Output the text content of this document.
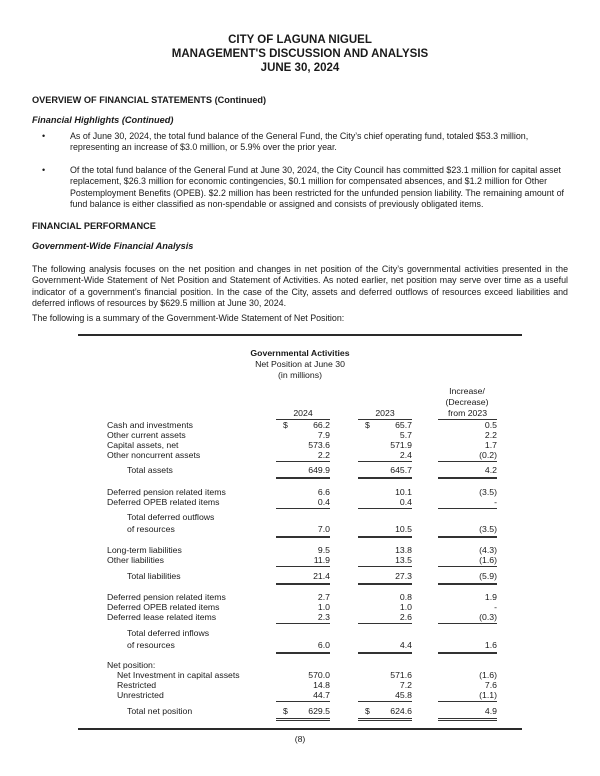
CITY OF LAGUNA NIGUEL
MANAGEMENT'S DISCUSSION AND ANALYSIS
JUNE 30, 2024
OVERVIEW OF FINANCIAL STATEMENTS (Continued)
Financial Highlights (Continued)
•	As of June 30, 2024, the total fund balance of the General Fund, the City’s chief operating fund, totaled $53.3 million, representing an increase of $3.0 million, or 5.9% over the prior year.
•	Of the total fund balance of the General Fund at June 30, 2024, the City Council has committed $23.1 million for capital asset replacement, $26.3 million for economic contingencies, $0.1 million for compensated absences, and $1.2 million for Other Postemployment Benefits (OPEB). $2.2 million has been restricted for the unfunded pension liability. The remaining amount of fund balance is either classified as non-spendable or assigned and consists of previously obligated items.
FINANCIAL PERFORMANCE
Government-Wide Financial Analysis
The following analysis focuses on the net position and changes in net position of the City’s governmental activities presented in the Government-Wide Statement of Net Position and Statement of Activities. As noted earlier, net position may serve over time as a useful indicator of a government’s financial position. In the case of the City, assets and deferred outflows of resources exceed liabilities and deferred inflows of resources by $629.5 million at June 30, 2024.
The following is a summary of the Government-Wide Statement of Net Position:
Governmental Activities
Net Position at June 30
(in millions)
Increase/
(Decrease)
from 2023
2024	2023
Cash and investments	$	66.2	$	65.7	0.5
Other current assets	7.9	5.7	2.2
Capital assets, net	573.6	571.9	1.7
Other noncurrent assets	2.2	2.4	(0.2)
Total assets	649.9	645.7	4.2
Deferred pension related items	6.6	10.1	(3.5)
Deferred OPEB related items	0.4	0.4	-
Total deferred outflows
of resources	7.0	10.5	(3.5)
Long-term liabilities	9.5	13.8	(4.3)
Other liabilities	11.9	13.5	(1.6)
Total liabilities	21.4	27.3	(5.9)
Deferred pension related items	2.7	0.8	1.9
Deferred OPEB related items	1.0	1.0	-
Deferred lease related items	2.3	2.6	(0.3)
Total deferred inflows
of resources	6.0	4.4	1.6
Net position:
Net Investment in capital assets	570.0	571.6	(1.6)
Restricted	14.8	7.2	7.6
Unrestricted	44.7	45.8	(1.1)
Total net position	$	629.5	$	624.6	4.9
(8)
